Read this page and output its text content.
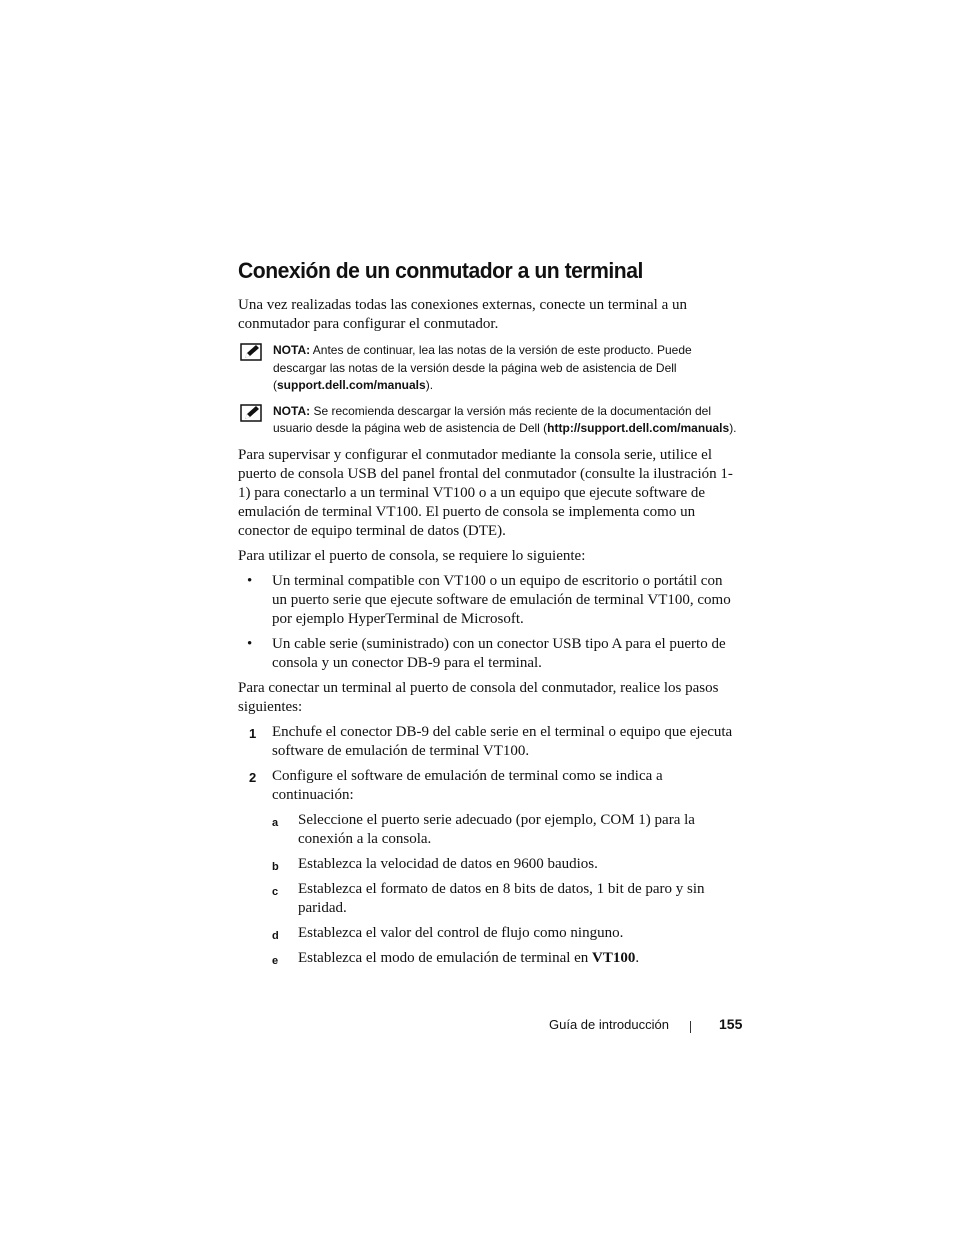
Conexión de un conmutador a un terminal

Una vez realizadas todas las conexiones externas, conecte un terminal a un conmutador para configurar el conmutador.

NOTA: Antes de continuar, lea las notas de la versión de este producto. Puede descargar las notas de la versión desde la página web de asistencia de Dell (support.dell.com/manuals).
NOTA: Se recomienda descargar la versión más reciente de la documentación del usuario desde la página web de asistencia de Dell (http://support.dell.com/manuals).

Para supervisar y configurar el conmutador mediante la consola serie, utilice el puerto de consola USB del panel frontal del conmutador (consulte la ilustración 1-1) para conectarlo a un terminal VT100 o a un equipo que ejecute software de emulación de terminal VT100. El puerto de consola se implementa como un conector de equipo terminal de datos (DTE).

Para utilizar el puerto de consola, se requiere lo siguiente:

• Un terminal compatible con VT100 o un equipo de escritorio o portátil con un puerto serie que ejecute software de emulación de terminal VT100, como por ejemplo HyperTerminal de Microsoft.
• Un cable serie (suministrado) con un conector USB tipo A para el puerto de consola y un conector DB-9 para el terminal.

Para conectar un terminal al puerto de consola del conmutador, realice los pasos siguientes:

1 Enchufe el conector DB-9 del cable serie en el terminal o equipo que ejecuta software de emulación de terminal VT100.
2 Configure el software de emulación de terminal como se indica a continuación:
a Seleccione el puerto serie adecuado (por ejemplo, COM 1) para la conexión a la consola.
b Establezca la velocidad de datos en 9600 baudios.
c Establezca el formato de datos en 8 bits de datos, 1 bit de paro y sin paridad.
d Establezca el valor del control de flujo como ninguno.
e Establezca el modo de emulación de terminal en VT100.
Guía de introducción	155
